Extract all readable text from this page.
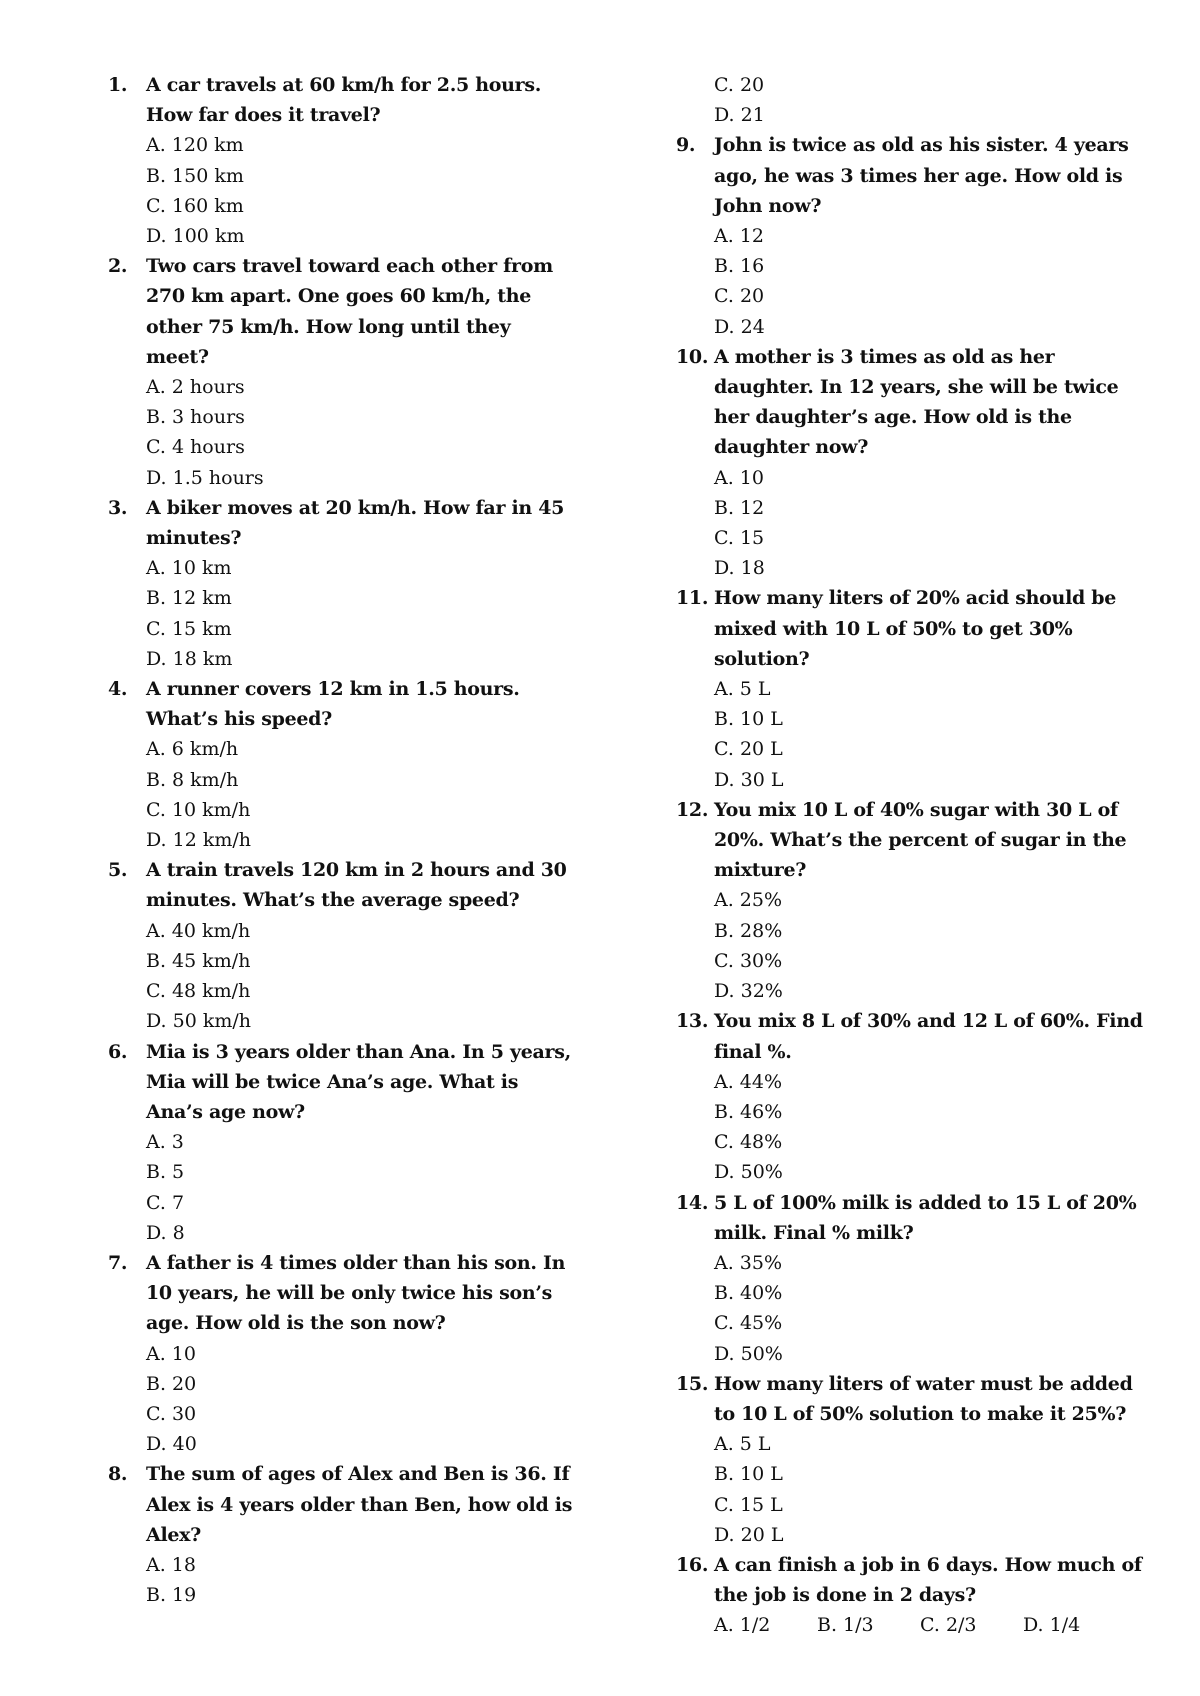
1. A car travels at 60 km/h for 2.5 hours. How far does it travel?
A. 120 km
B. 150 km
C. 160 km
D. 100 km
2. Two cars travel toward each other from 270 km apart. One goes 60 km/h, the other 75 km/h. How long until they meet?
A. 2 hours
B. 3 hours
C. 4 hours
D. 1.5 hours
3. A biker moves at 20 km/h. How far in 45 minutes?
A. 10 km
B. 12 km
C. 15 km
D. 18 km
4. A runner covers 12 km in 1.5 hours. What’s his speed?
A. 6 km/h
B. 8 km/h
C. 10 km/h
D. 12 km/h
5. A train travels 120 km in 2 hours and 30 minutes. What’s the average speed?
A. 40 km/h
B. 45 km/h
C. 48 km/h
D. 50 km/h
6. Mia is 3 years older than Ana. In 5 years, Mia will be twice Ana’s age. What is Ana’s age now?
A. 3
B. 5
C. 7
D. 8
7. A father is 4 times older than his son. In 10 years, he will be only twice his son’s age. How old is the son now?
A. 10
B. 20
C. 30
D. 40
8. The sum of ages of Alex and Ben is 36. If Alex is 4 years older than Ben, how old is Alex?
A. 18
B. 19
C. 20
D. 21
9. John is twice as old as his sister. 4 years ago, he was 3 times her age. How old is John now?
A. 12
B. 16
C. 20
D. 24
10. A mother is 3 times as old as her daughter. In 12 years, she will be twice her daughter’s age. How old is the daughter now?
A. 10
B. 12
C. 15
D. 18
11. How many liters of 20% acid should be mixed with 10 L of 50% to get 30% solution?
A. 5 L
B. 10 L
C. 20 L
D. 30 L
12. You mix 10 L of 40% sugar with 30 L of 20%. What’s the percent of sugar in the mixture?
A. 25%
B. 28%
C. 30%
D. 32%
13. You mix 8 L of 30% and 12 L of 60%. Find final %.
A. 44%
B. 46%
C. 48%
D. 50%
14. 5 L of 100% milk is added to 15 L of 20% milk. Final % milk?
A. 35%
B. 40%
C. 45%
D. 50%
15. How many liters of water must be added to 10 L of 50% solution to make it 25%?
A. 5 L
B. 10 L
C. 15 L
D. 20 L
16. A can finish a job in 6 days. How much of the job is done in 2 days?
A. 1/2	B. 1/3	C. 2/3	D. 1/4
